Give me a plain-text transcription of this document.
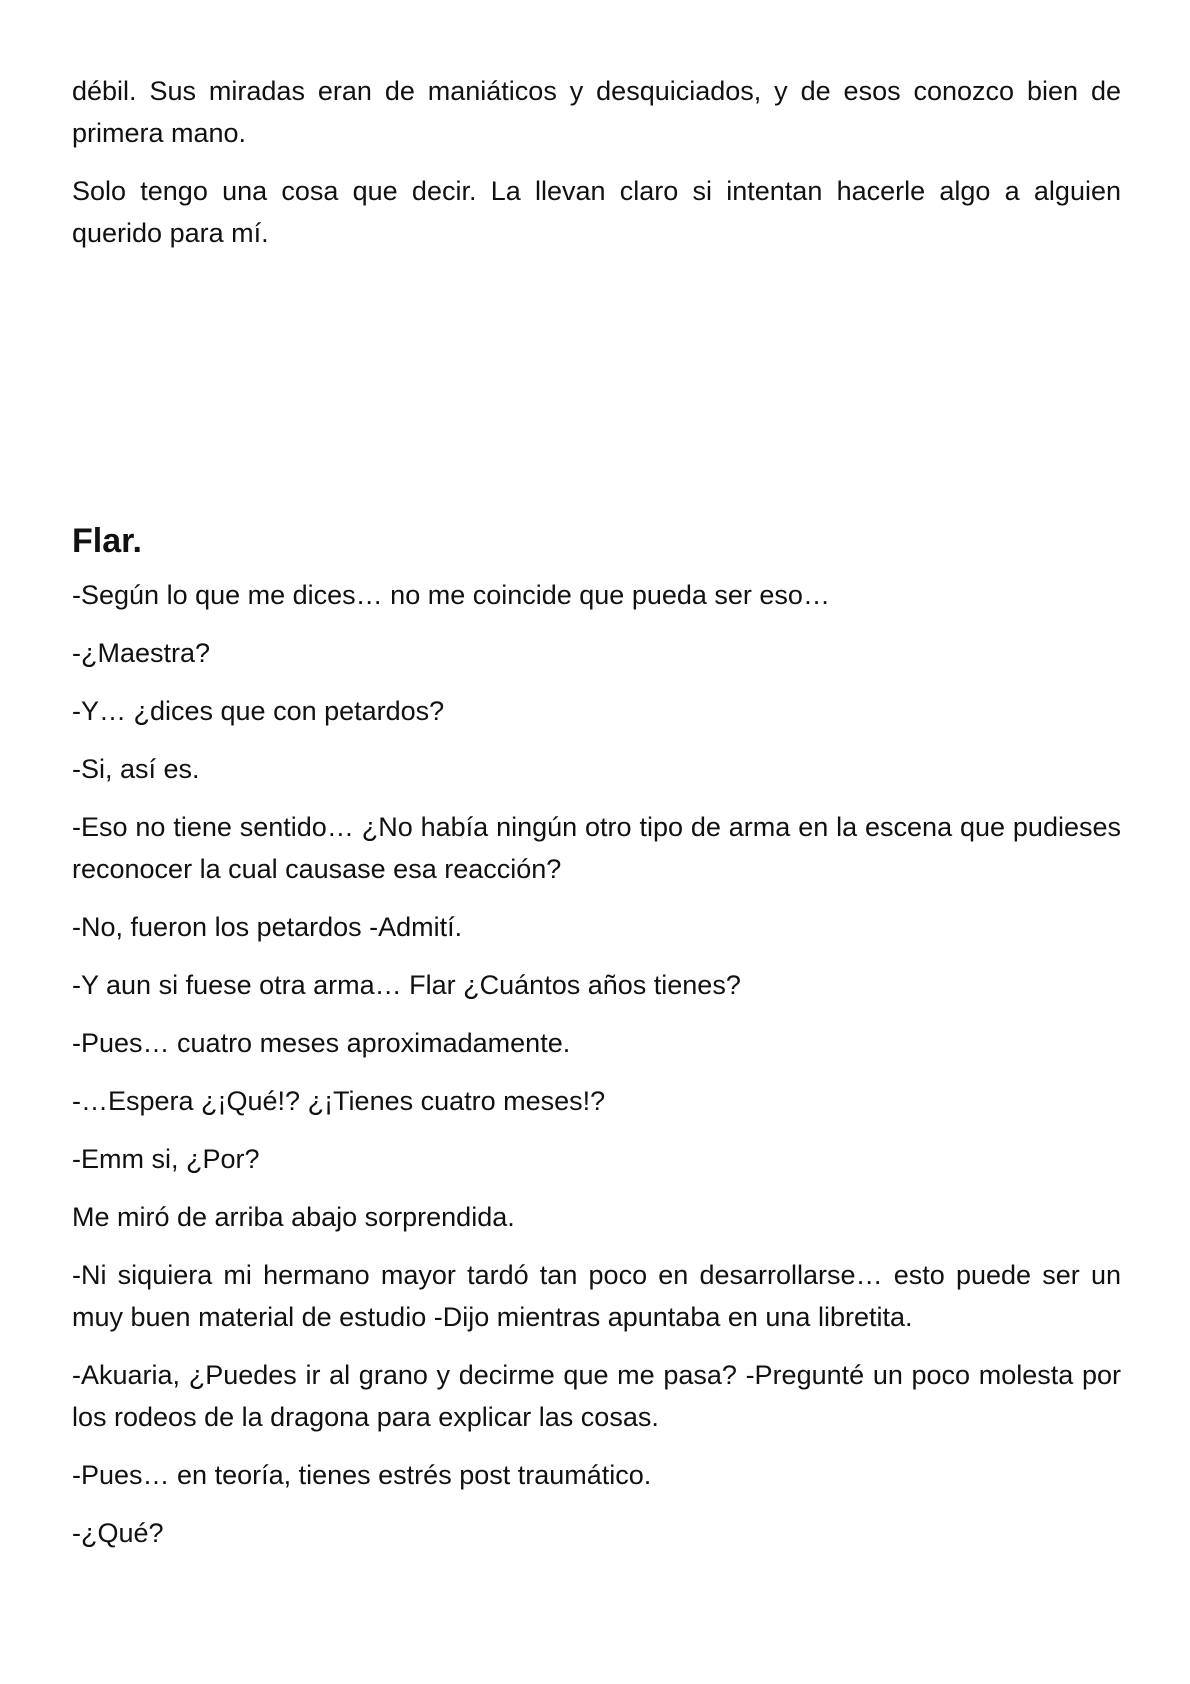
débil. Sus miradas eran de maniáticos y desquiciados, y de esos conozco bien de primera mano.

Solo tengo una cosa que decir. La llevan claro si intentan hacerle algo a alguien querido para mí.

Flar.

-Según lo que me dices… no me coincide que pueda ser eso…

-¿Maestra?

-Y… ¿dices que con petardos?

-Si, así es.

-Eso no tiene sentido… ¿No había ningún otro tipo de arma en la escena que pudieses reconocer la cual causase esa reacción?

-No, fueron los petardos -Admití.

-Y aun si fuese otra arma… Flar ¿Cuántos años tienes?

-Pues… cuatro meses aproximadamente.

-…Espera ¿¡Qué!? ¿¡Tienes cuatro meses!?

-Emm si, ¿Por?

Me miró de arriba abajo sorprendida.

-Ni siquiera mi hermano mayor tardó tan poco en desarrollarse… esto puede ser un muy buen material de estudio -Dijo mientras apuntaba en una libretita.

-Akuaria, ¿Puedes ir al grano y decirme que me pasa? -Pregunté un poco molesta por los rodeos de la dragona para explicar las cosas.

-Pues… en teoría, tienes estrés post traumático.

-¿Qué?
